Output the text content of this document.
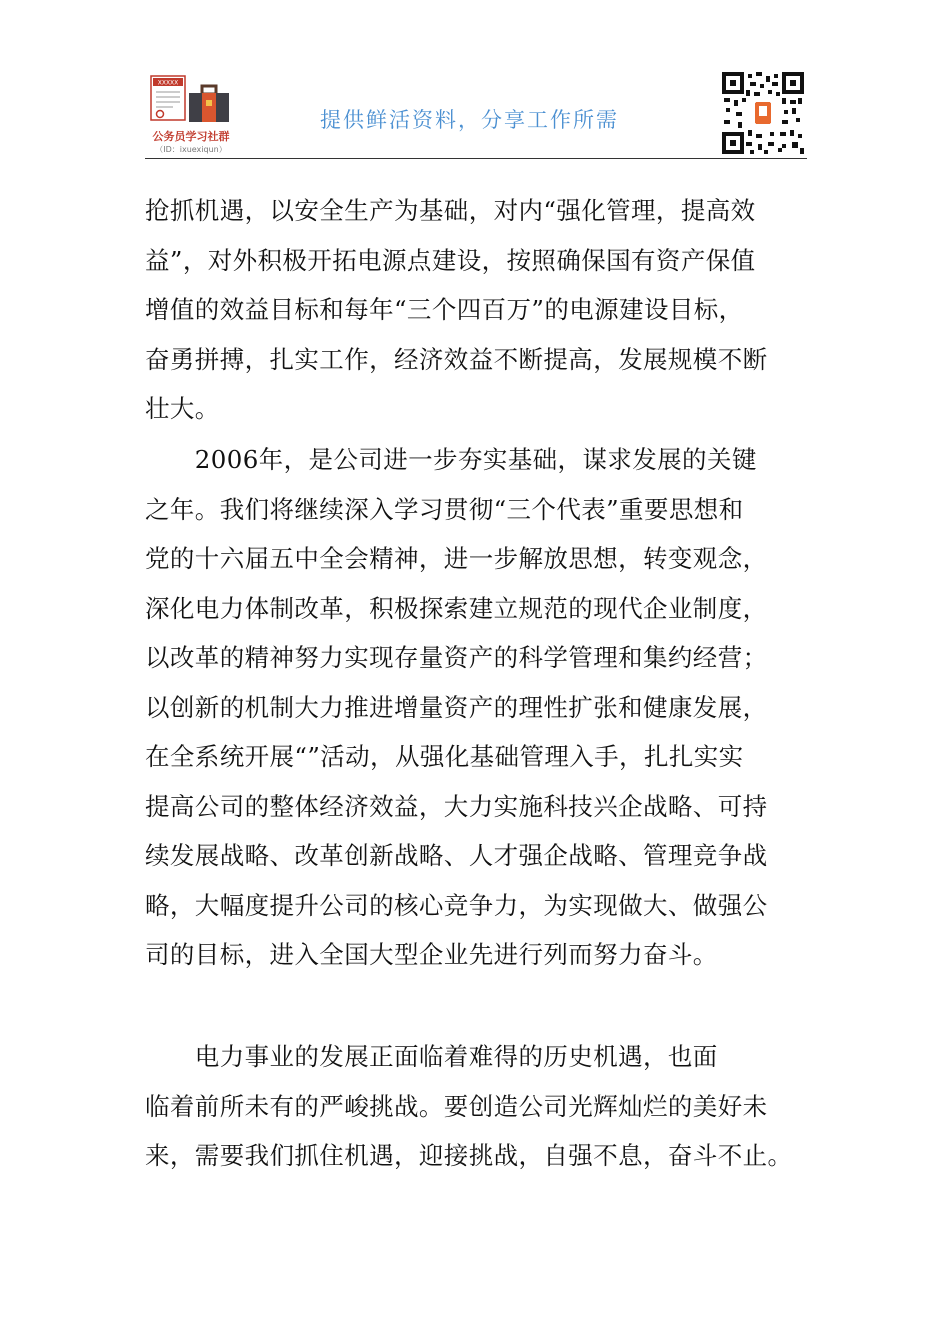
XXXXX
公务员学习社群
（ID：ixuexiqun）
提供鲜活资料，分享工作所需
抢抓机遇，以安全生产为基础，对内“强化管理，提高效
益”，对外积极开拓电源点建设，按照确保国有资产保值
增值的效益目标和每年“三个四百万”的电源建设目标，
奋勇拼搏，扎实工作，经济效益不断提高，发展规模不断
壮大。
　　2006年，是公司进一步夯实基础，谋求发展的关键
之年。我们将继续深入学习贯彻“三个代表”重要思想和
党的十六届五中全会精神，进一步解放思想，转变观念，
深化电力体制改革，积极探索建立规范的现代企业制度，
以改革的精神努力实现存量资产的科学管理和集约经营；
以创新的机制大力推进增量资产的理性扩张和健康发展，
在全系统开展“”活动，从强化基础管理入手，扎扎实实
提高公司的整体经济效益，大力实施科技兴企战略、可持
续发展战略、改革创新战略、人才强企战略、管理竞争战
略，大幅度提升公司的核心竞争力，为实现做大、做强公
司的目标，进入全国大型企业先进行列而努力奋斗。
　　电力事业的发展正面临着难得的历史机遇，也面
临着前所未有的严峻挑战。要创造公司光辉灿烂的美好未
来，需要我们抓住机遇，迎接挑战，自强不息，奋斗不止。
